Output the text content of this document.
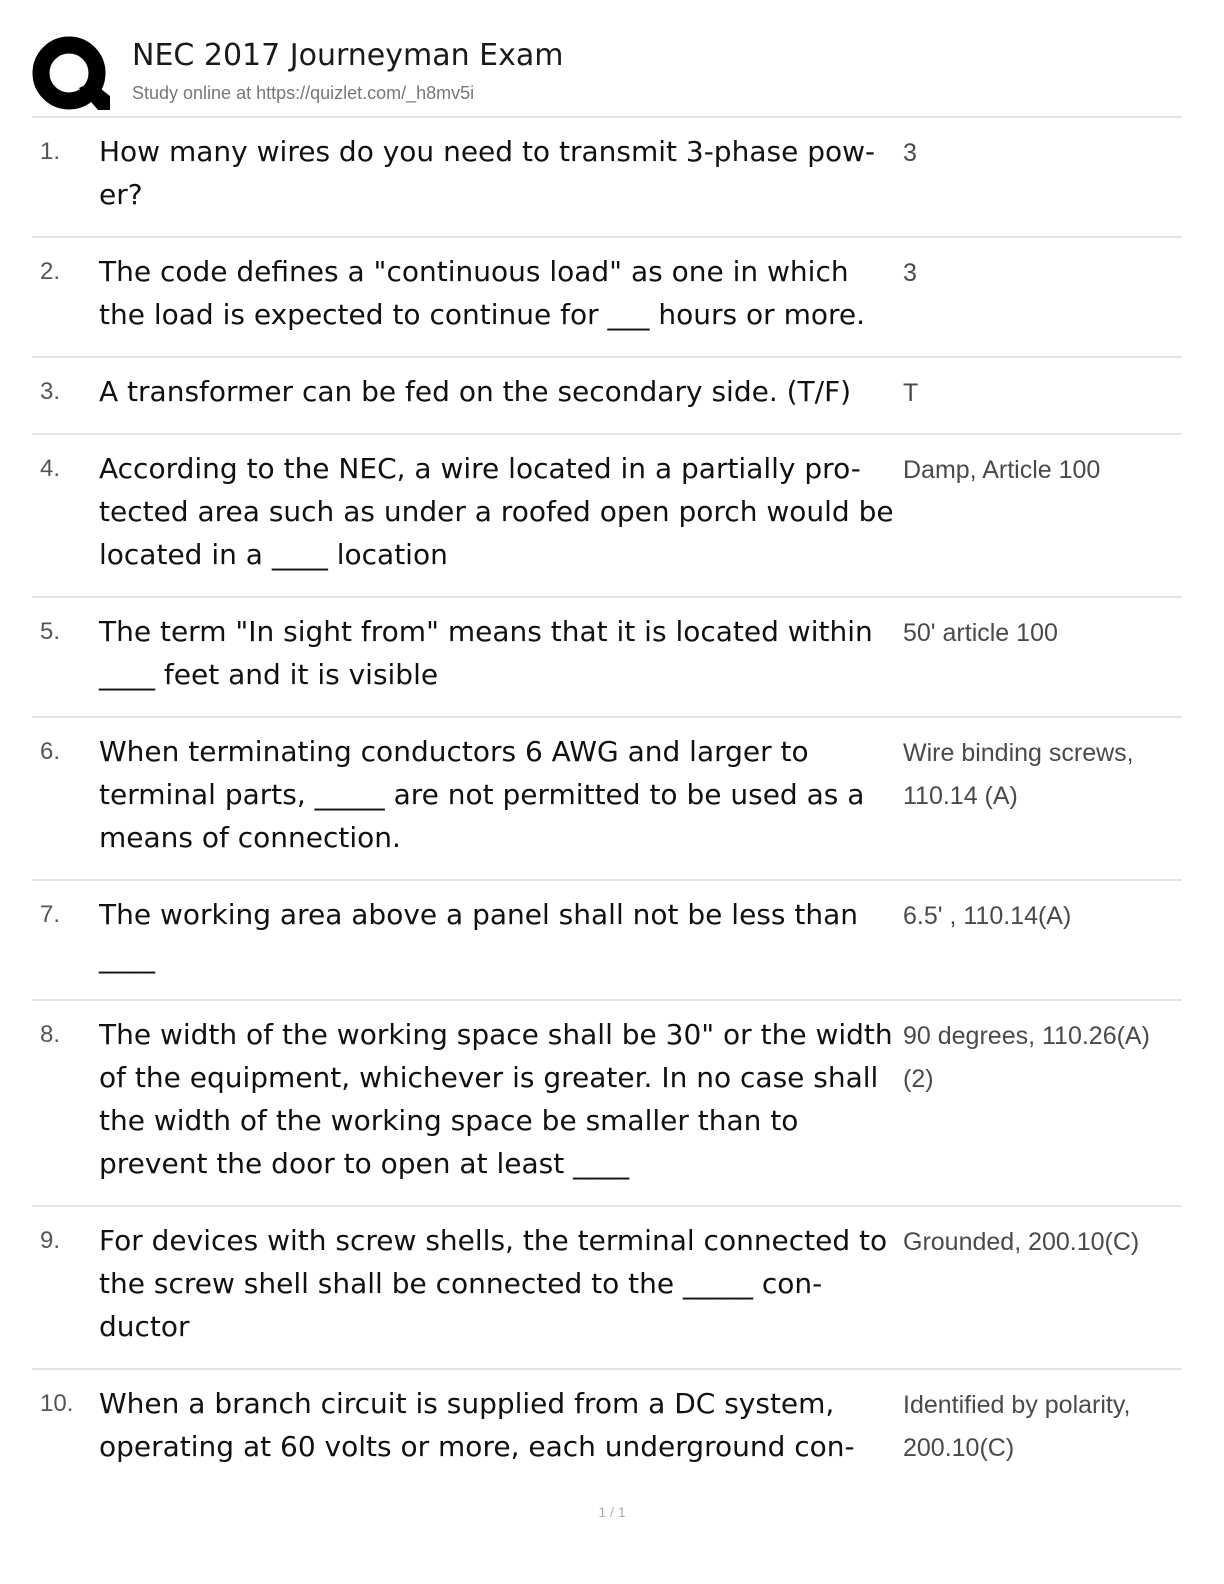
NEC 2017 Journeyman Exam
Study online at https://quizlet.com/_h8mv5i
1. How many wires do you need to transmit 3-phase pow-er?
3
2. The code defines a "continuous load" as one in which the load is expected to continue for ___ hours or more.
3
3. A transformer can be fed on the secondary side. (T/F)	T
4. According to the NEC, a wire located in a partially pro-tected area such as under a roofed open porch would be located in a ____ location
Damp, Article 100
5. The term "In sight from" means that it is located within ____ feet and it is visible
50' article 100
6. When terminating conductors 6 AWG and larger to terminal parts, _____ are not permitted to be used as a means of connection.
Wire binding screws, 110.14 (A)
7. The working area above a panel shall not be less than ____
6.5' , 110.14(A)
8. The width of the working space shall be 30" or the width of the equipment, whichever is greater. In no case shall the width of the working space be smaller than to prevent the door to open at least ____
90 degrees, 110.26(A)(2)
9. For devices with screw shells, the terminal connected to the screw shell shall be connected to the _____ con-ductor
Grounded, 200.10(C)
10. When a branch circuit is supplied from a DC system, operating at 60 volts or more, each underground con-
Identified by polarity, 200.10(C)
1 / 1
